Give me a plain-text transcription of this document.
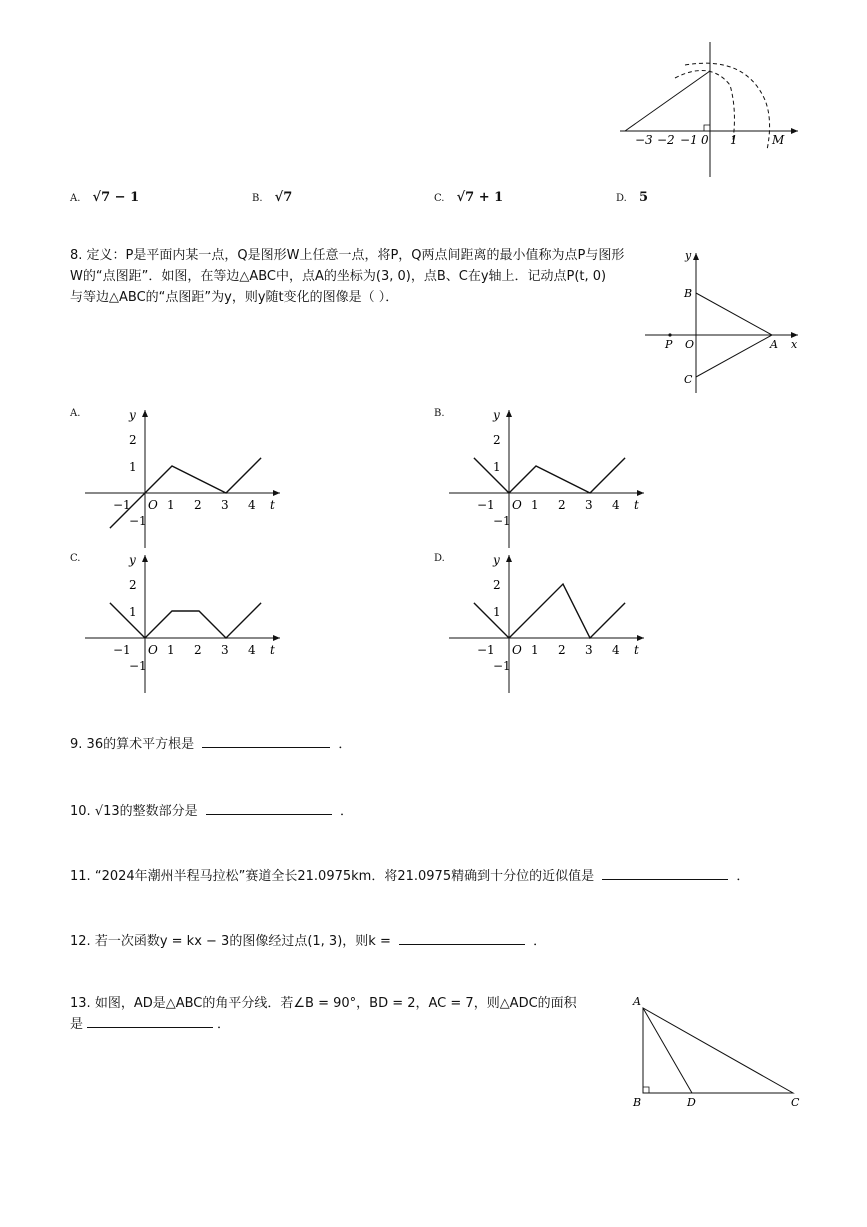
−3 −2 −1 0 1	M
A. √7 − 1	B. √7	C. √7 + 1	D. 5
8. 定义：P是平面内某一点，Q是图形W上任意一点，将P，Q两点间距离的最小值称为点P与图形
W的“点图距”．如图，在等边△ABC中，点A的坐标为(3, 0)，点B、C在y轴上．记动点P(t, 0)
与等边△ABC的“点图距”为y，则y随t变化的图像是（ ）．
y
x
B
C
A
P O
A.	B.
C.	D.
−1	1 2 3 4
2
1
−1
O	t
y
−1	1 2 3 4
2
1
−1
O	t
y
−1	1 2 3 4
2
1
−1
O	t
y
−1	1 2 3 4
2
1
−1
O	t
y
9. 36的算术平方根是	．
10. √13的整数部分是	．
11. “2024年潮州半程马拉松”赛道全长21.0975km．将21.0975精确到十分位的近似值是	．
12. 若一次函数y = kx − 3的图像经过点(1, 3)，则k =	．
13. 如图，AD是△ABC的角平分线．若∠B = 90°，BD = 2，AC = 7，则△ADC的面积
是	．
A
B	D	C
